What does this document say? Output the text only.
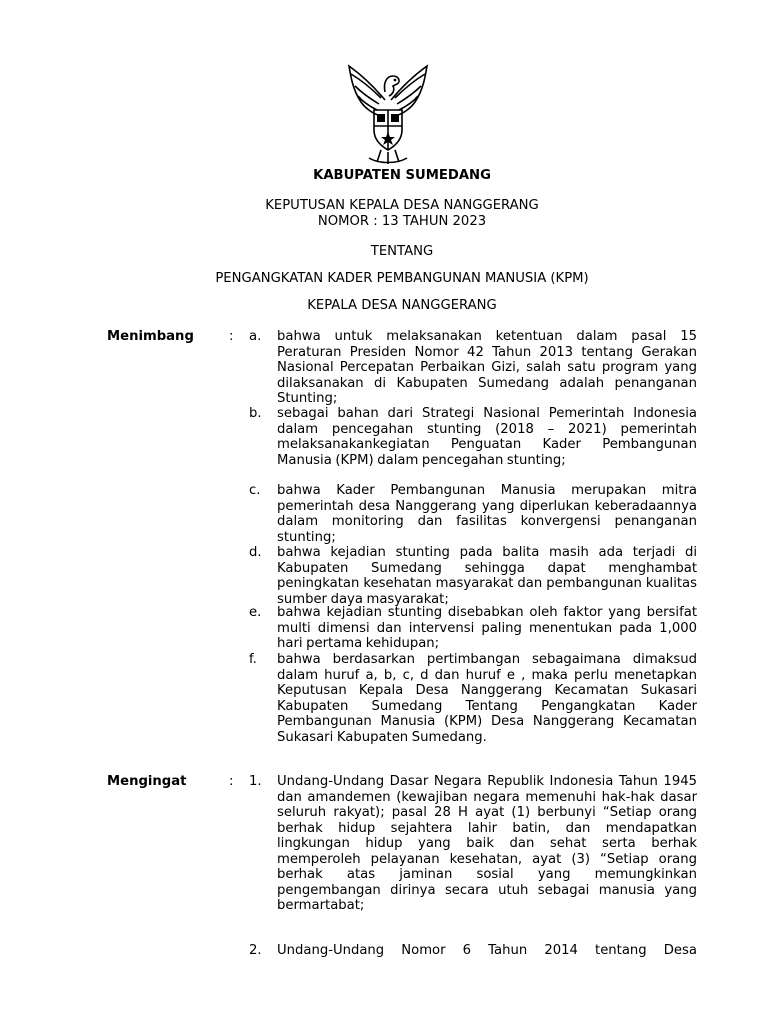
KABUPATEN SUMEDANG
KEPUTUSAN KEPALA DESA NANGGERANG
NOMOR : 13 TAHUN 2023
TENTANG
PENGANGKATAN KADER PEMBANGUNAN MANUSIA (KPM)
KEPALA DESA NANGGERANG
Menimbang	: a. bahwa untuk melaksanakan ketentuan dalam pasal 15 Peraturan Presiden Nomor 42 Tahun 2013 tentang Gerakan Nasional Percepatan Perbaikan Gizi, salah satu program yang dilaksanakan di Kabupaten Sumedang adalah penanganan Stunting;
b. sebagai bahan dari Strategi Nasional Pemerintah Indonesia dalam pencegahan stunting (2018 – 2021) pemerintah melaksanakankegiatan Penguatan Kader Pembangunan Manusia (KPM) dalam pencegahan stunting;
c. bahwa Kader Pembangunan Manusia merupakan mitra pemerintah desa Nanggerang yang diperlukan keberadaannya dalam monitoring dan fasilitas konvergensi penanganan stunting;
d. bahwa kejadian stunting pada balita masih ada terjadi di Kabupaten Sumedang sehingga dapat menghambat peningkatan kesehatan masyarakat dan pembangunan kualitas sumber daya masyarakat;
e. bahwa kejadian stunting disebabkan oleh faktor yang bersifat multi dimensi dan intervensi paling menentukan pada 1,000 hari pertama kehidupan;
f. bahwa berdasarkan pertimbangan sebagaimana dimaksud dalam huruf a, b, c, d dan huruf e , maka perlu menetapkan Keputusan Kepala Desa Nanggerang Kecamatan Sukasari Kabupaten Sumedang Tentang Pengangkatan Kader Pembangunan Manusia (KPM) Desa Nanggerang Kecamatan Sukasari Kabupaten Sumedang.
Mengingat	: 1. Undang-Undang Dasar Negara Republik Indonesia Tahun 1945 dan amandemen (kewajiban negara memenuhi hak-hak dasar seluruh rakyat); pasal 28 H ayat (1) berbunyi “Setiap orang berhak hidup sejahtera lahir batin, dan mendapatkan lingkungan hidup yang baik dan sehat serta berhak memperoleh pelayanan kesehatan, ayat (3) “Setiap orang berhak atas jaminan sosial yang memungkinkan pengembangan dirinya secara utuh sebagai manusia yang bermartabat;
2. Undang-Undang Nomor 6 Tahun 2014 tentang Desa
